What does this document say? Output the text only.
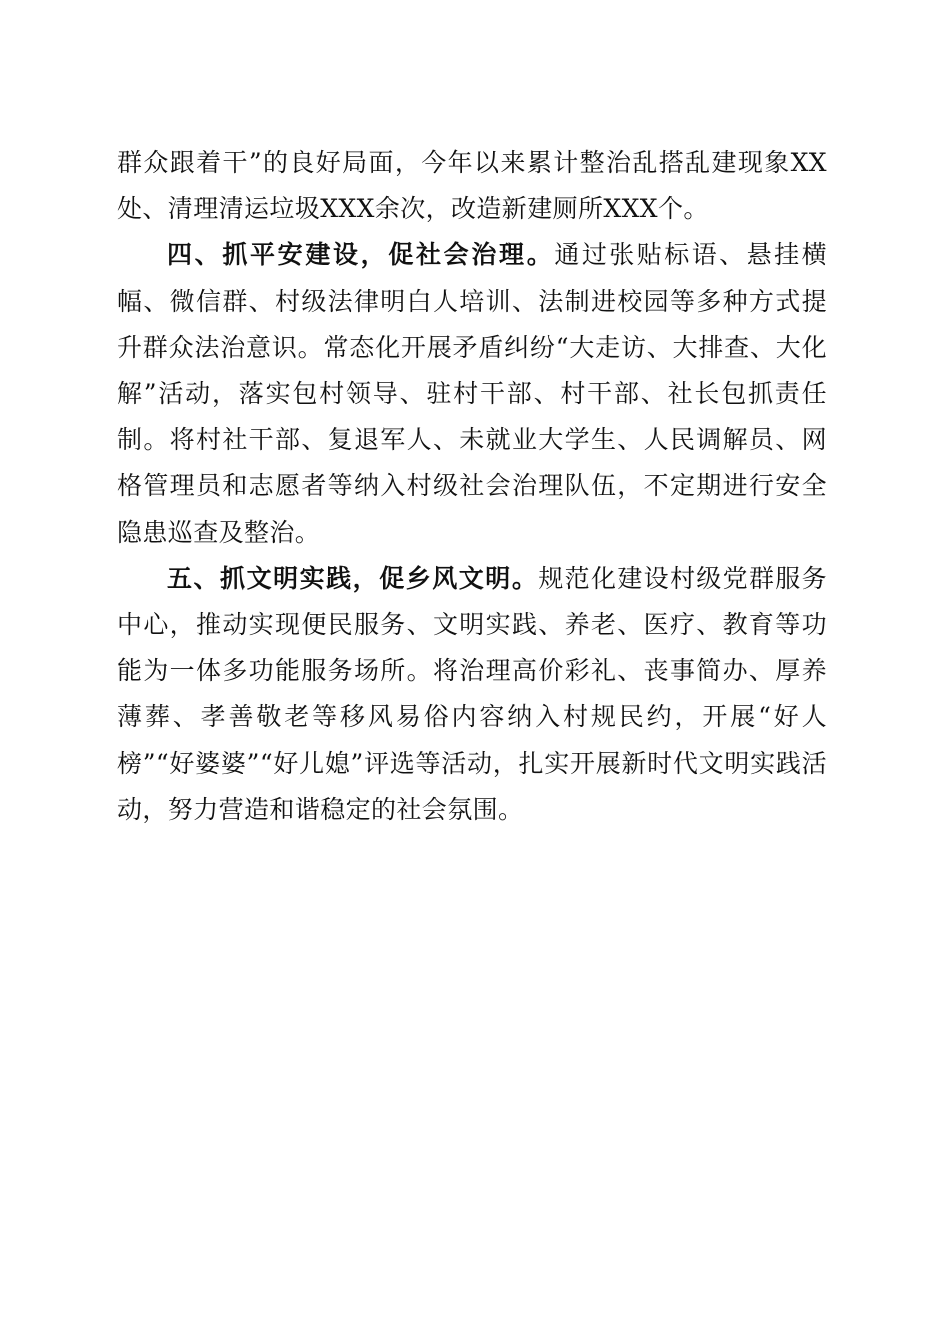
群众跟着干”的良好局面，今年以来累计整治乱搭乱建现象XX处、清理清运垃圾XXX余次，改造新建厕所XXX个。

四、抓平安建设，促社会治理。通过张贴标语、悬挂横幅、微信群、村级法律明白人培训、法制进校园等多种方式提升群众法治意识。常态化开展矛盾纠纷“大走访、大排查、大化解”活动，落实包村领导、驻村干部、村干部、社长包抓责任制。将村社干部、复退军人、未就业大学生、人民调解员、网格管理员和志愿者等纳入村级社会治理队伍，不定期进行安全隐患巡查及整治。

五、抓文明实践，促乡风文明。规范化建设村级党群服务中心，推动实现便民服务、文明实践、养老、医疗、教育等功能为一体多功能服务场所。将治理高价彩礼、丧事简办、厚养薄葬、孝善敬老等移风易俗内容纳入村规民约，开展“好人榜”“好婆婆”“好儿媳”评选等活动，扎实开展新时代文明实践活动，努力营造和谐稳定的社会氛围。
